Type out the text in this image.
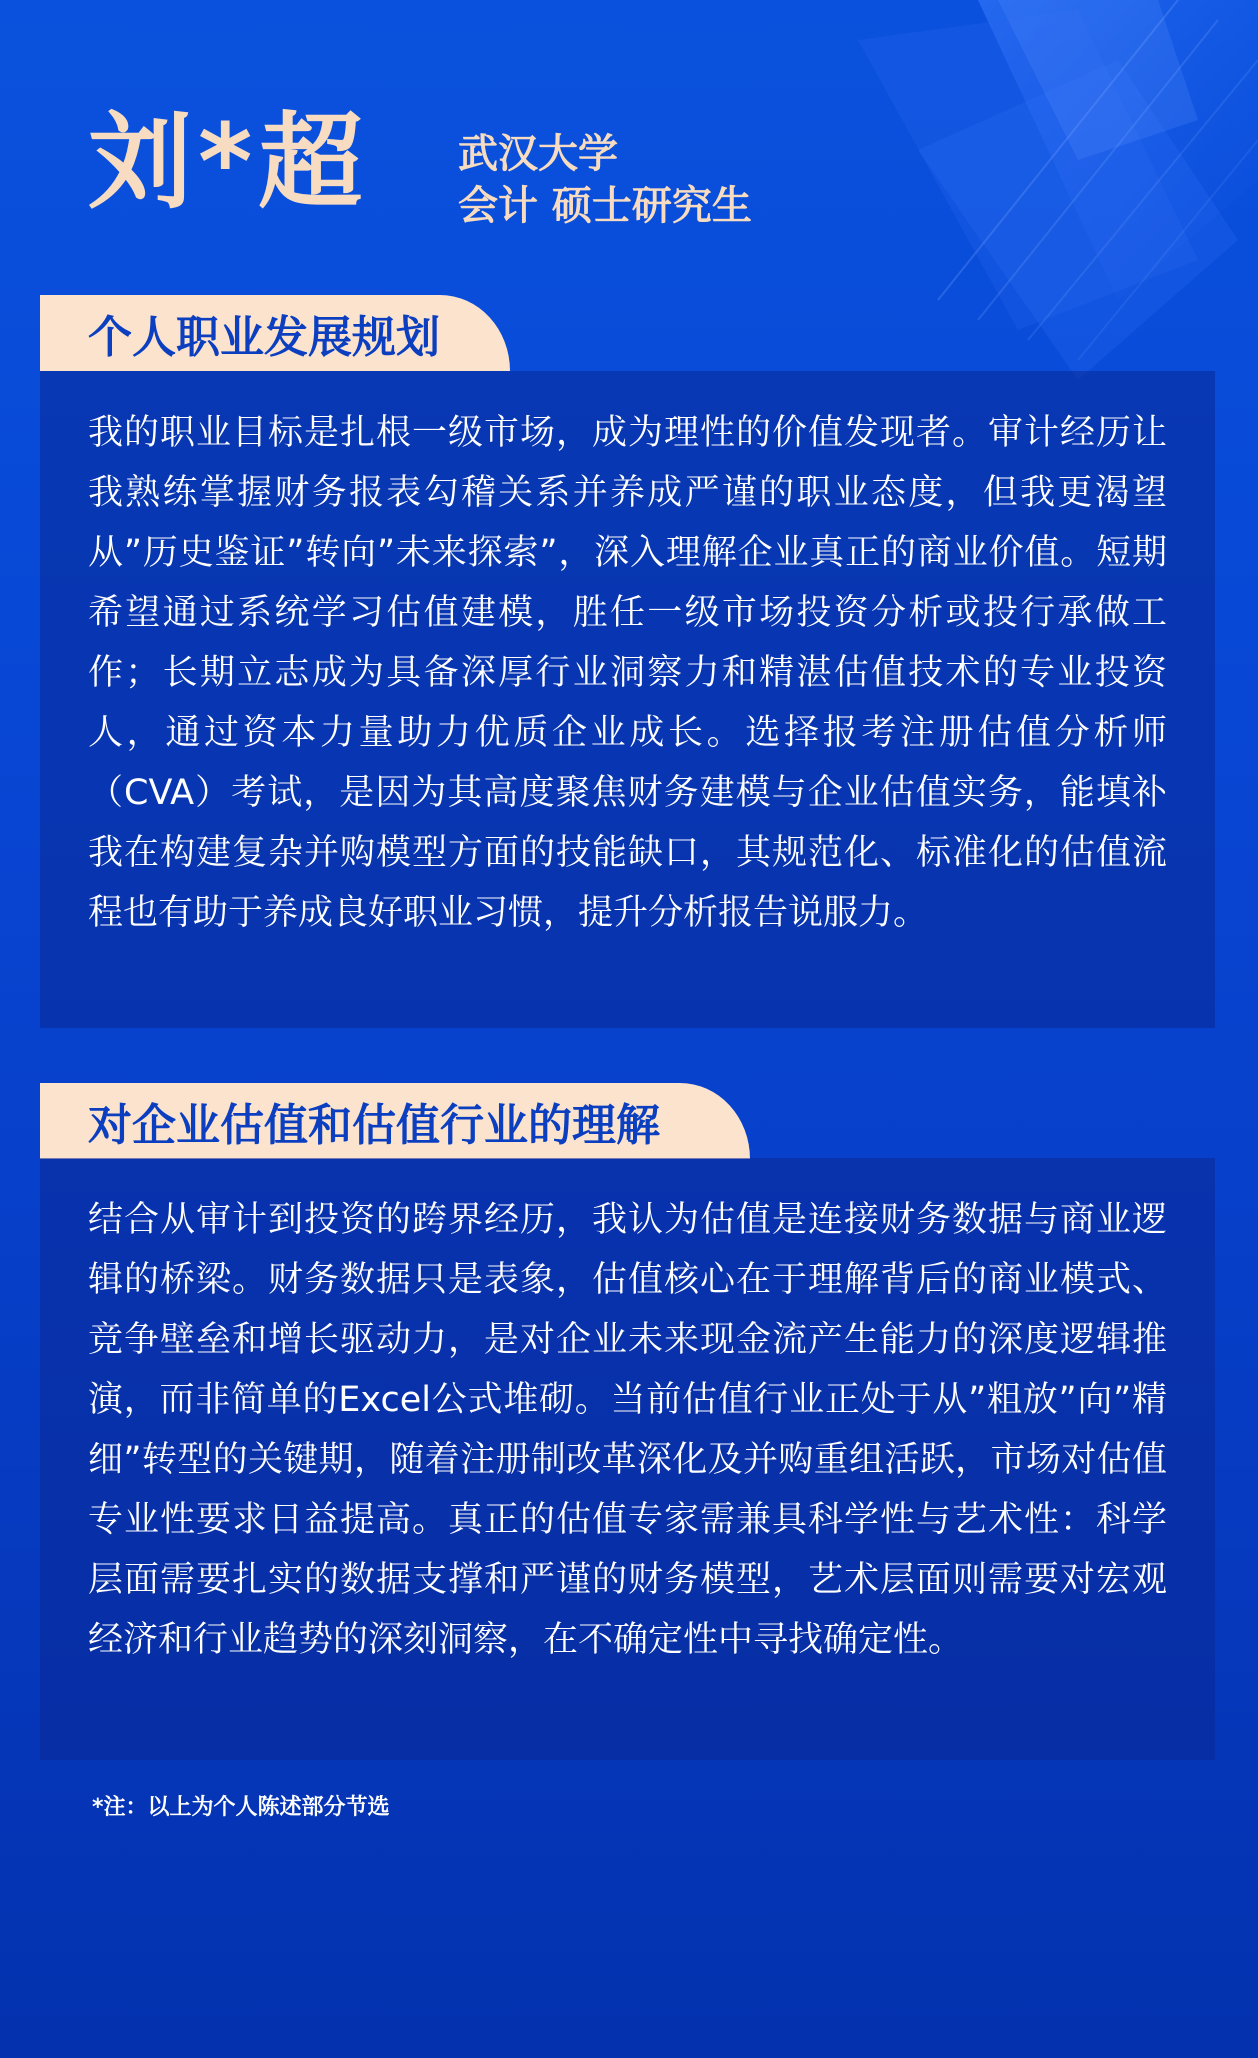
刘*超 武汉大学
会计 硕士研究生
个人职业发展规划
我的职业目标是扎根一级市场，成为理性的价值发现者。审计经历让我熟练掌握财务报表勾稽关系并养成严谨的职业态度，但我更渴望从”历史鉴证”转向”未来探索”，深入理解企业真正的商业价值。短期希望通过系统学习估值建模，胜任一级市场投资分析或投行承做工作；长期立志成为具备深厚行业洞察力和精湛估值技术的专业投资人，通过资本力量助力优质企业成长。选择报考注册估值分析师（CVA）考试，是因为其高度聚焦财务建模与企业估值实务，能填补我在构建复杂并购模型方面的技能缺口，其规范化、标准化的估值流程也有助于养成良好职业习惯，提升分析报告说服力。
对企业估值和估值行业的理解
结合从审计到投资的跨界经历，我认为估值是连接财务数据与商业逻辑的桥梁。财务数据只是表象，估值核心在于理解背后的商业模式、竞争壁垒和增长驱动力，是对企业未来现金流产生能力的深度逻辑推演，而非简单的Excel公式堆砌。当前估值行业正处于从”粗放”向”精细”转型的关键期，随着注册制改革深化及并购重组活跃，市场对估值专业性要求日益提高。真正的估值专家需兼具科学性与艺术性：科学层面需要扎实的数据支撑和严谨的财务模型，艺术层面则需要对宏观经济和行业趋势的深刻洞察，在不确定性中寻找确定性。
*注：以上为个人陈述部分节选
